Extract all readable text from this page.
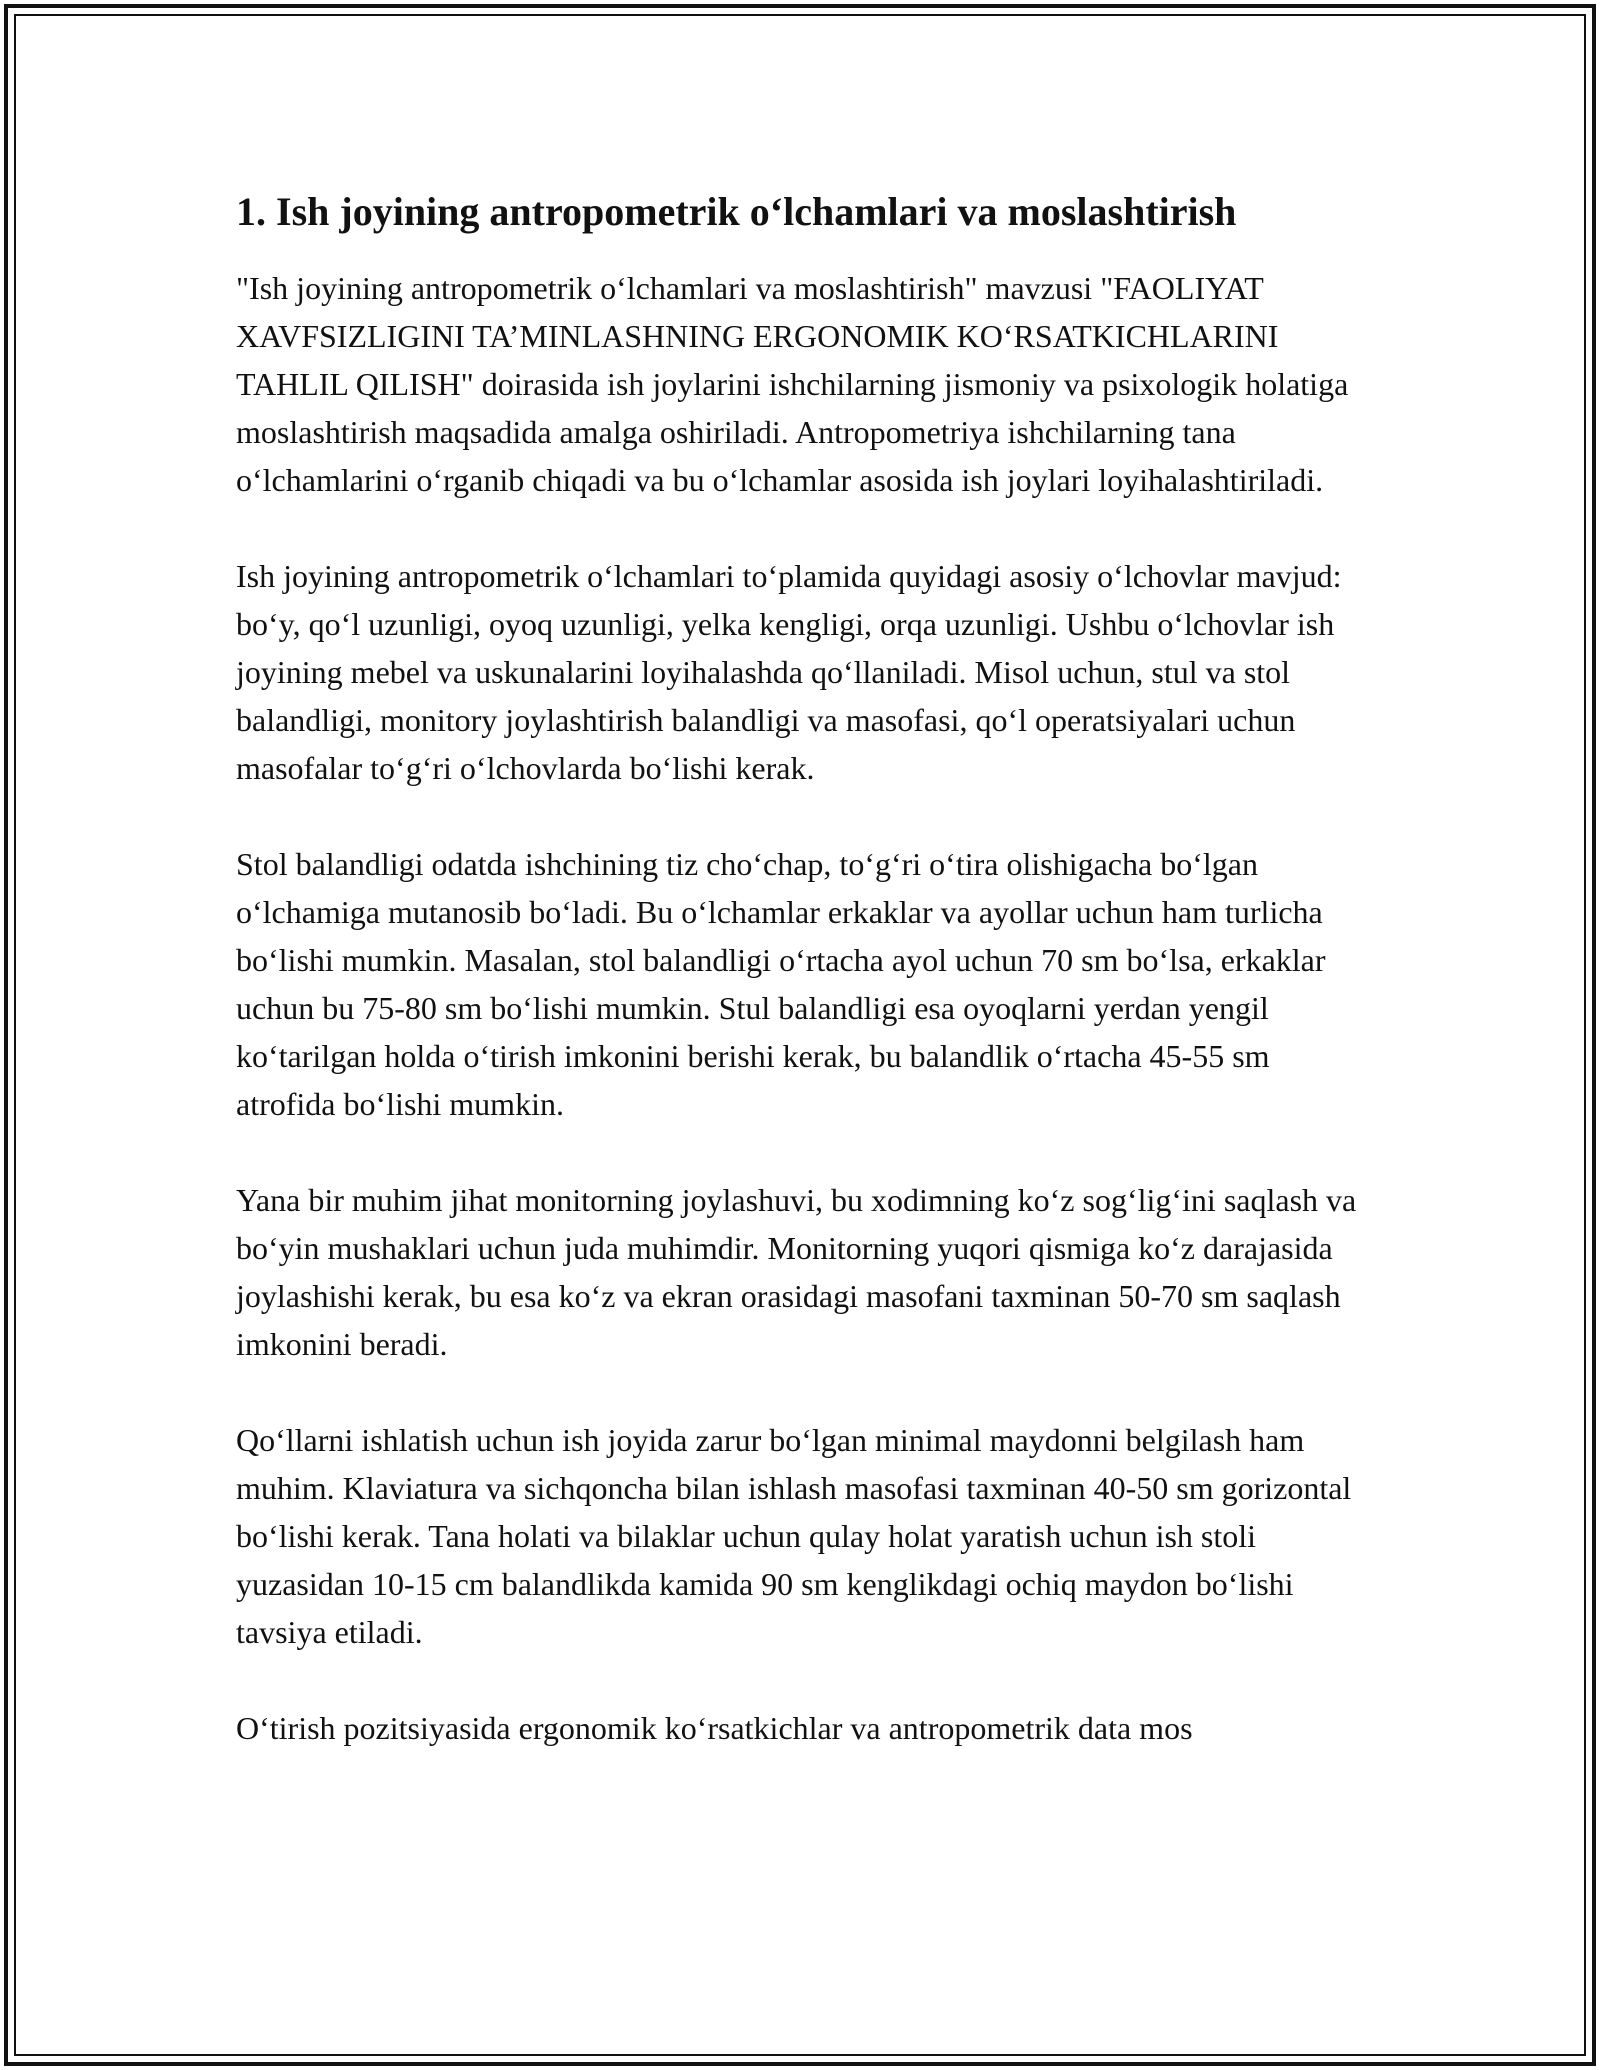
1. Ish joyining antropometrik o‘lchamlari va moslashtirish

"Ish joyining antropometrik o‘lchamlari va moslashtirish" mavzusi "FAOLIYAT XAVFSIZLIGINI TA’MINLASHNING ERGONOMIK KO‘RSATKICHLARINI TAHLIL QILISH" doirasida ish joylarini ishchilarning jismoniy va psixologik holatiga moslashtirish maqsadida amalga oshiriladi. Antropometriya ishchilarning tana o‘lchamlarini o‘rganib chiqadi va bu o‘lchamlar asosida ish joylari loyihalashtiriladi.

Ish joyining antropometrik o‘lchamlari to‘plamida quyidagi asosiy o‘lchovlar mavjud: bo‘y, qo‘l uzunligi, oyoq uzunligi, yelka kengligi, orqa uzunligi. Ushbu o‘lchovlar ish joyining mebel va uskunalarini loyihalashda qo‘llaniladi. Misol uchun, stul va stol balandligi, monitory joylashtirish balandligi va masofasi, qo‘l operatsiyalari uchun masofalar to‘g‘ri o‘lchovlarda bo‘lishi kerak.

Stol balandligi odatda ishchining tiz cho‘chap, to‘g‘ri o‘tira olishigacha bo‘lgan o‘lchamiga mutanosib bo‘ladi. Bu o‘lchamlar erkaklar va ayollar uchun ham turlicha bo‘lishi mumkin. Masalan, stol balandligi o‘rtacha ayol uchun 70 sm bo‘lsa, erkaklar uchun bu 75-80 sm bo‘lishi mumkin. Stul balandligi esa oyoqlarni yerdan yengil ko‘tarilgan holda o‘tirish imkonini berishi kerak, bu balandlik o‘rtacha 45-55 sm atrofida bo‘lishi mumkin.

Yana bir muhim jihat monitorning joylashuvi, bu xodimning ko‘z sog‘lig‘ini saqlash va bo‘yin mushaklari uchun juda muhimdir. Monitorning yuqori qismiga ko‘z darajasida joylashishi kerak, bu esa ko‘z va ekran orasidagi masofani taxminan 50-70 sm saqlash imkonini beradi.

Qo‘llarni ishlatish uchun ish joyida zarur bo‘lgan minimal maydonni belgilash ham muhim. Klaviatura va sichqoncha bilan ishlash masofasi taxminan 40-50 sm gorizontal bo‘lishi kerak. Tana holati va bilaklar uchun qulay holat yaratish uchun ish stoli yuzasidan 10-15 cm balandlikda kamida 90 sm kenglikdagi ochiq maydon bo‘lishi tavsiya etiladi.

O‘tirish pozitsiyasida ergonomik ko‘rsatkichlar va antropometrik data mos
